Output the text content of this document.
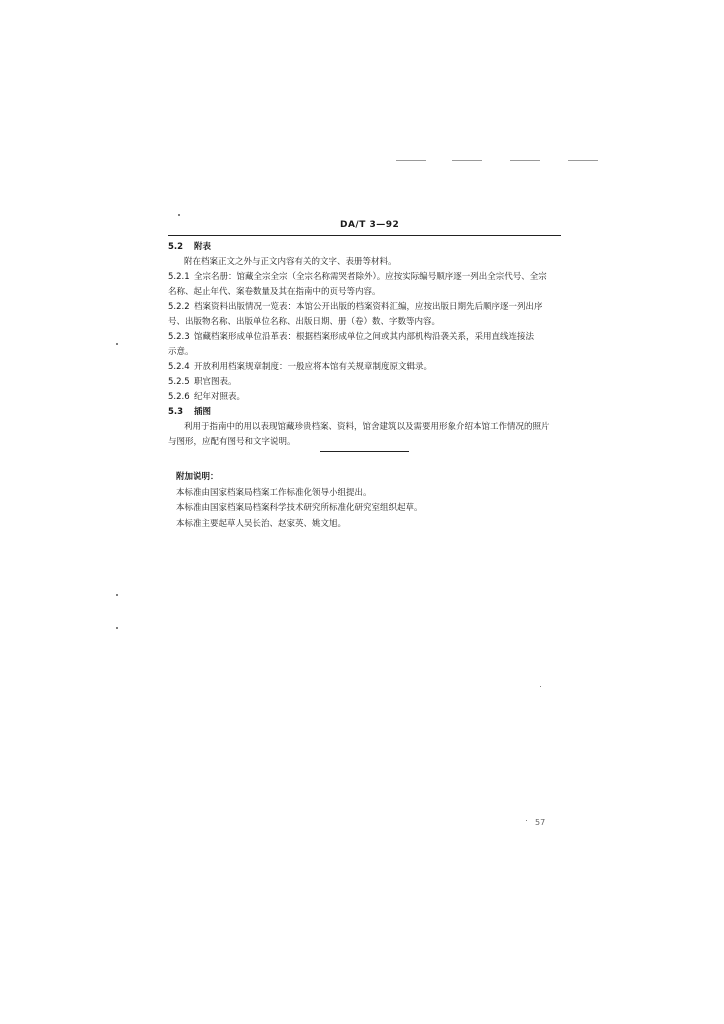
DA/T 3—92
5.2 附表
附在档案正文之外与正文内容有关的文字、表册等材料。
5.2.1 全宗名册：馆藏全宗全宗（全宗名称需哭者除外）。应按实际编号顺序逐一列出全宗代号、全宗
名称、起止年代、案卷数量及其在指南中的页号等内容。
5.2.2 档案资料出版情况一览表：本馆公开出版的档案资料汇编，应按出版日期先后顺序逐一列出序
号、出版物名称、出版单位名称、出版日期、册（卷）数、字数等内容。
5.2.3 馆藏档案形成单位沿革表：根据档案形成单位之间或其内部机构沿袭关系，采用直线连接法
示意。
5.2.4 开放利用档案规章制度：一般应将本馆有关规章制度原文辑录。
5.2.5 职官图表。
5.2.6 纪年对照表。
5.3 插图
利用于指南中的用以表现馆藏珍贵档案、资料，馆舍建筑以及需要用形象介绍本馆工作情况的照片
与图形，应配有图号和文字说明。
附加说明：
本标准由国家档案局档案工作标准化领导小组提出。
本标准由国家档案局档案科学技术研究所标准化研究室组织起草。
本标准主要起草人吴长治、赵家英、姚文旭。
57
